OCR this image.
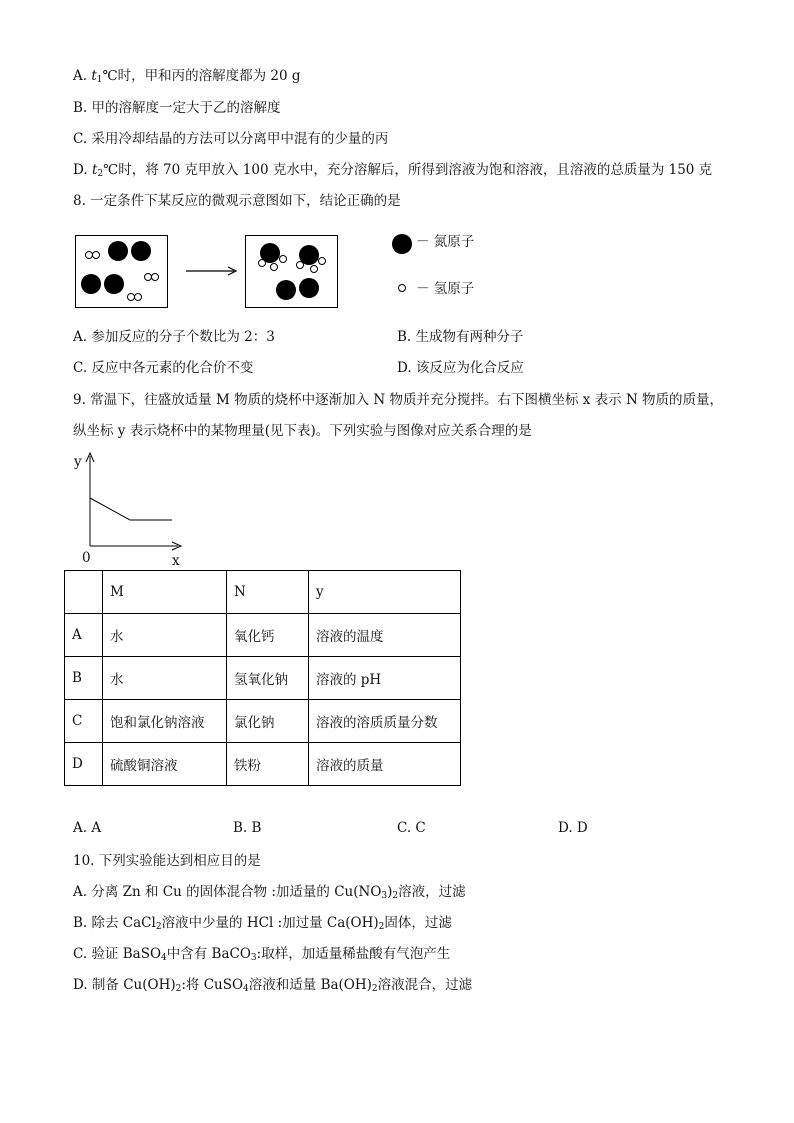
A. $t_1℃$时，甲和丙的溶解度都为 20 g
B. 甲的溶解度一定大于乙的溶解度
C. 采用冷却结晶的方法可以分离甲中混有的少量的丙
D. $t_2℃$时，将 70 克甲放入 100 克水中，充分溶解后，所得到溶液为饱和溶液，且溶液的总质量为 150 克
8. 一定条件下某反应的微观示意图如下，结论正确的是
－ 氮原子
－ 氢原子
A. 参加反应的分子个数比为 2：3	B. 生成物有两种分子
C. 反应中各元素的化合价不变	D. 该反应为化合反应
9. 常温下，往盛放适量 M 物质的烧杯中逐渐加入 N 物质并充分搅拌。右下图横坐标 x 表示 N 物质的质量，
纵坐标 y 表示烧杯中的某物理量(见下表)。下列实验与图像对应关系合理的是
y
0	x
	M	N	y
A	水	氧化钙	溶液的温度
B	水	氢氧化钠	溶液的 pH
C	饱和氯化钠溶液	氯化钠	溶液的溶质质量分数
D	硫酸铜溶液	铁粉	溶液的质量
A. A	B. B	C. C	D. D
10. 下列实验能达到相应目的是
A. 分离 Zn 和 Cu 的固体混合物 :加适量的 $Cu(NO_3)_2$溶液，过滤
B. 除去 CaCl$_2$溶液中少量的 HCl :加过量 $Ca(OH)_2$固体，过滤
C. 验证 BaSO$_4$中含有 BaCO$_3$:取样，加适量稀盐酸有气泡产生
D. 制备 $Cu(OH)_2$:将 CuSO$_4$溶液和适量 $Ba(OH)_2$溶液混合，过滤
